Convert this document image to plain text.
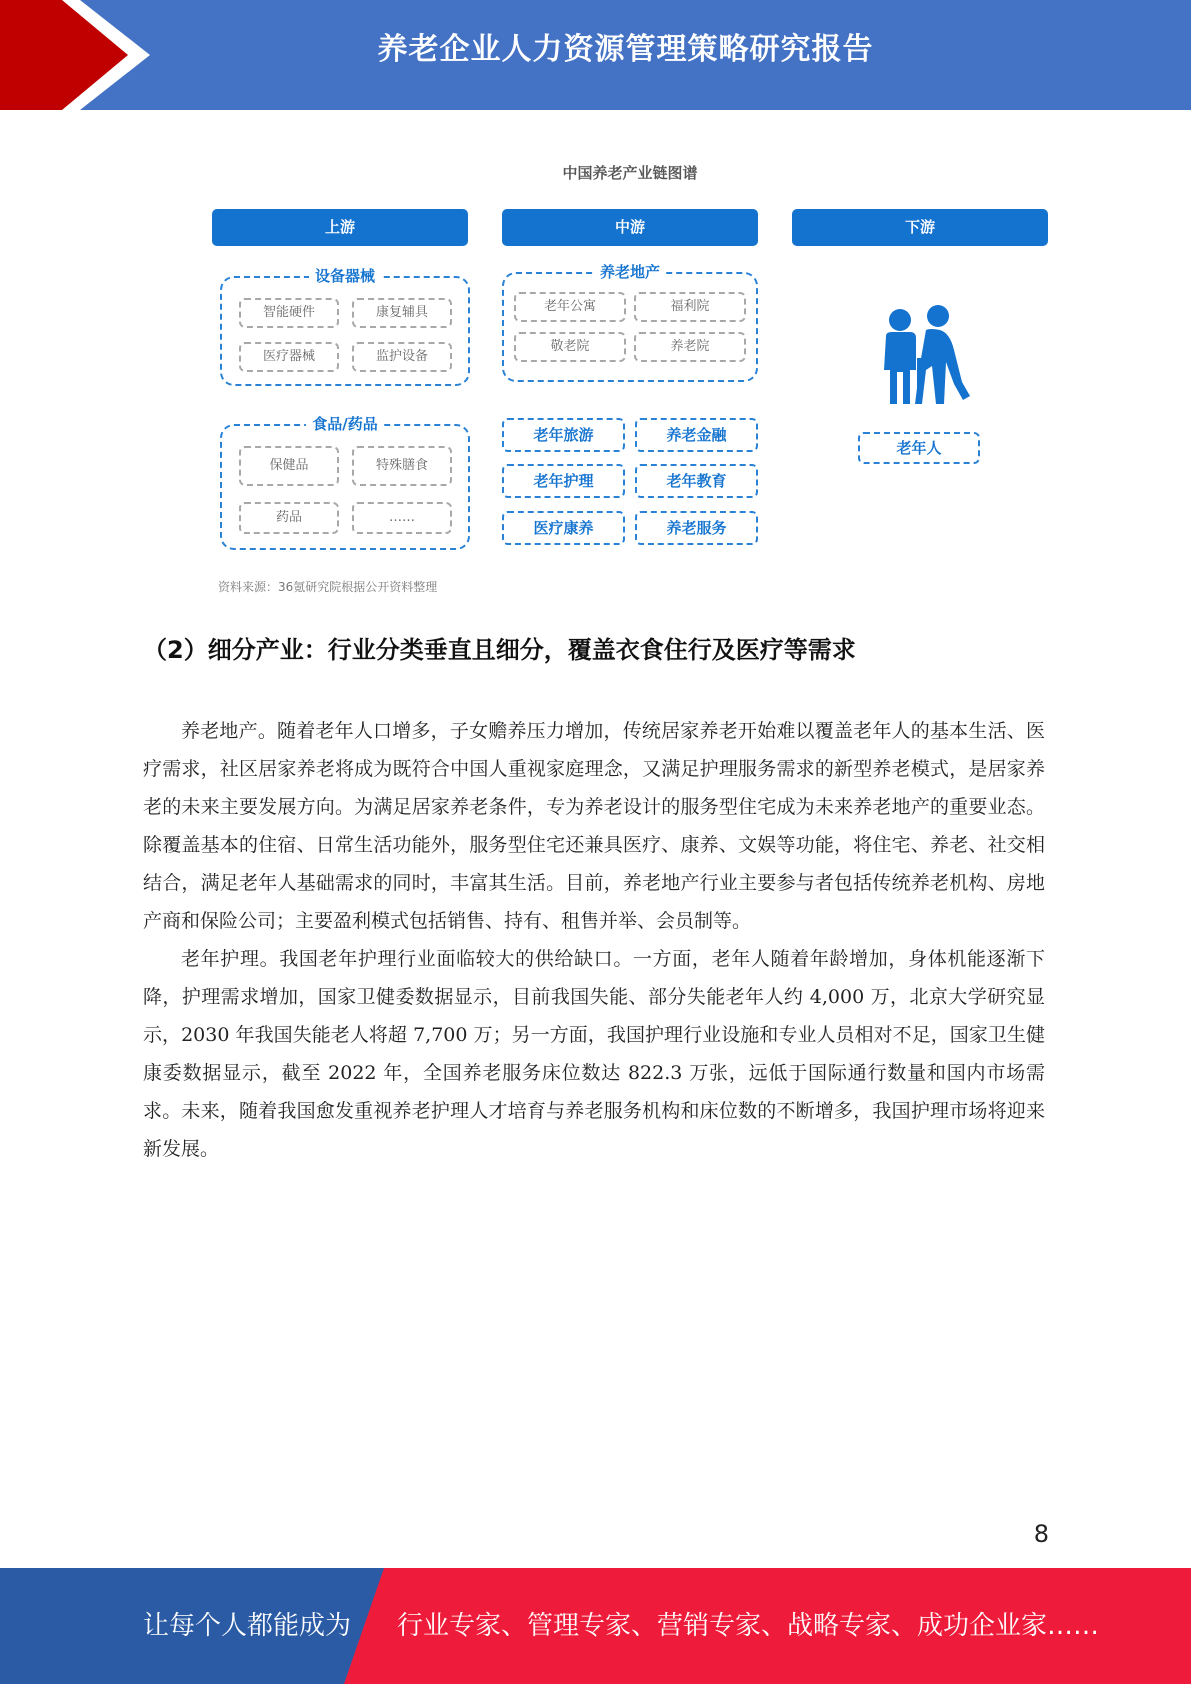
养老企业人力资源管理策略研究报告
中国养老产业链图谱
上游	中游	下游
设备器械
智能硬件	康复辅具
医疗器械	监护设备
食品/药品
保健品	特殊膳食
药品	……
养老地产
老年公寓	福利院
敬老院	养老院
老年旅游	养老金融
老年护理	老年教育
医疗康养	养老服务
老年人
资料来源：36氪研究院根据公开资料整理
（2）细分产业：行业分类垂直且细分，覆盖衣食住行及医疗等需求

养老地产。随着老年人口增多，子女赡养压力增加，传统居家养老开始难以覆盖老年人的基本生活、医疗需求，社区居家养老将成为既符合中国人重视家庭理念，又满足护理服务需求的新型养老模式，是居家养老的未来主要发展方向。为满足居家养老条件，专为养老设计的服务型住宅成为未来养老地产的重要业态。除覆盖基本的住宿、日常生活功能外，服务型住宅还兼具医疗、康养、文娱等功能，将住宅、养老、社交相结合，满足老年人基础需求的同时，丰富其生活。目前，养老地产行业主要参与者包括传统养老机构、房地产商和保险公司；主要盈利模式包括销售、持有、租售并举、会员制等。

老年护理。我国老年护理行业面临较大的供给缺口。一方面，老年人随着年龄增加，身体机能逐渐下降，护理需求增加，国家卫健委数据显示，目前我国失能、部分失能老年人约 4,000 万，北京大学研究显示，2030 年我国失能老人将超 7,700 万；另一方面，我国护理行业设施和专业人员相对不足，国家卫生健康委数据显示，截至 2022 年，全国养老服务床位数达 822.3 万张，远低于国际通行数量和国内市场需求。未来，随着我国愈发重视养老护理人才培育与养老服务机构和床位数的不断增多，我国护理市场将迎来新发展。

8
让每个人都能成为 行业专家、管理专家、营销专家、战略专家、成功企业家……
